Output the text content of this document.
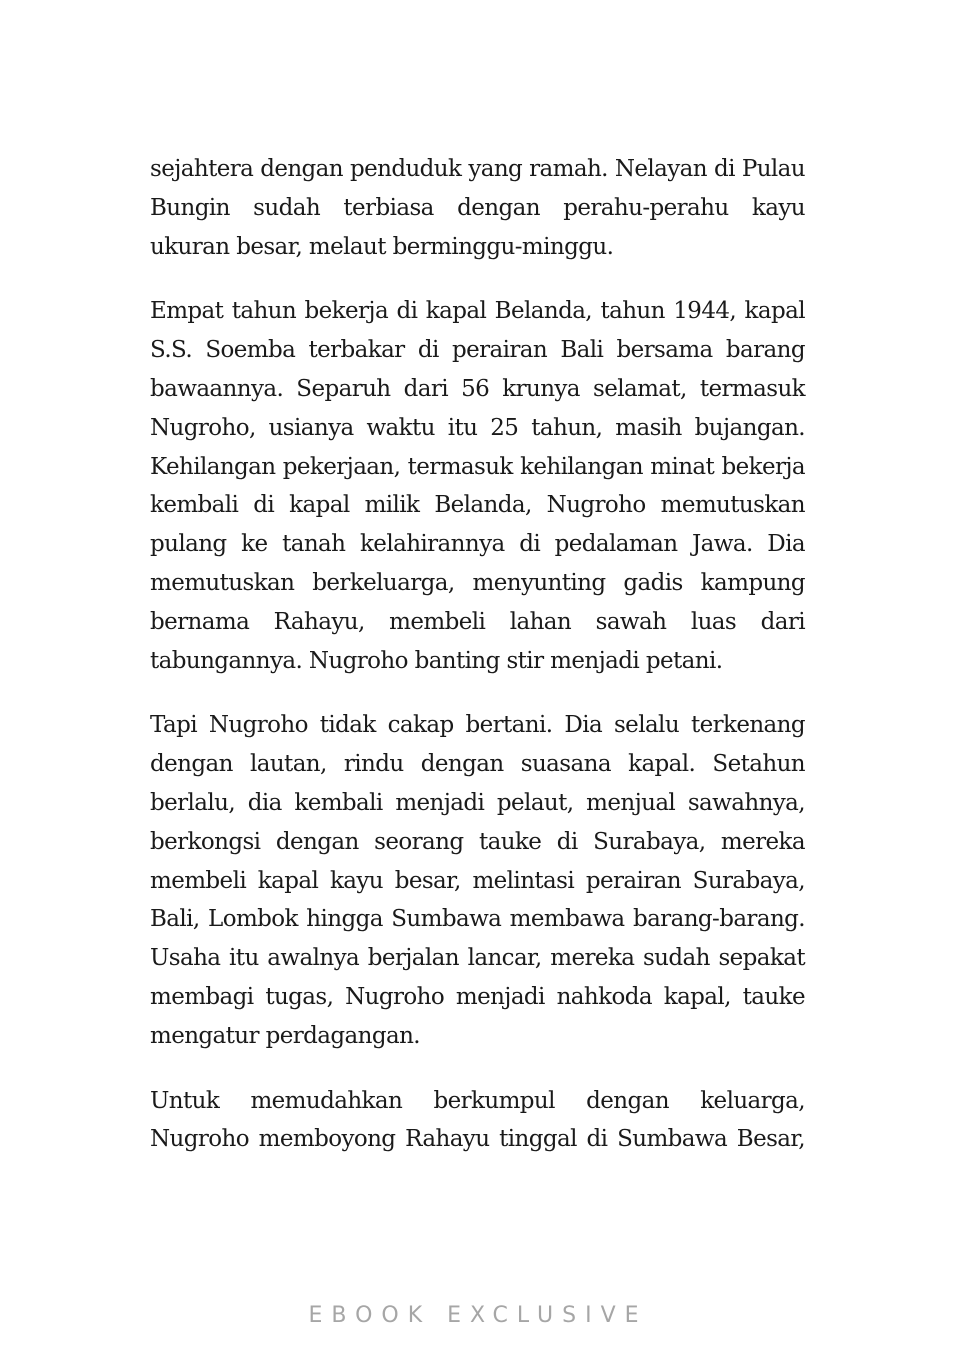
sejahtera dengan penduduk yang ramah. Nelayan di Pulau Bungin sudah terbiasa dengan perahu-perahu kayu ukuran besar, melaut berminggu-minggu.

Empat tahun bekerja di kapal Belanda, tahun 1944, kapal S.S. Soemba terbakar di perairan Bali bersama barang bawaannya. Separuh dari 56 krunya selamat, termasuk Nugroho, usianya waktu itu 25 tahun, masih bujangan. Kehilangan pekerjaan, termasuk kehilangan minat bekerja kembali di kapal milik Belanda, Nugroho memutuskan pulang ke tanah kelahirannya di pedalaman Jawa. Dia memutuskan berkeluarga, menyunting gadis kampung bernama Rahayu, membeli lahan sawah luas dari tabungannya. Nugroho banting stir menjadi petani.

Tapi Nugroho tidak cakap bertani. Dia selalu terkenang dengan lautan, rindu dengan suasana kapal. Setahun berlalu, dia kembali menjadi pelaut, menjual sawahnya, berkongsi dengan seorang tauke di Surabaya, mereka membeli kapal kayu besar, melintasi perairan Surabaya, Bali, Lombok hingga Sumbawa membawa barang-barang. Usaha itu awalnya berjalan lancar, mereka sudah sepakat membagi tugas, Nugroho menjadi nahkoda kapal, tauke mengatur perdagangan.

Untuk memudahkan berkumpul dengan keluarga, Nugroho memboyong Rahayu tinggal di Sumbawa Besar,

EBOOK EXCLUSIVE
